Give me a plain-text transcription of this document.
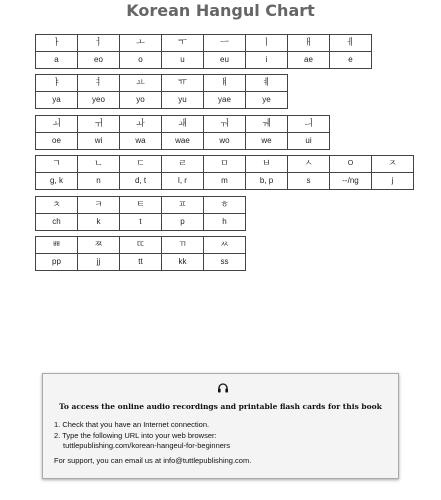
Korean Hangul Chart
ㅏ	ㅓ	ㅗ	ㅜ	ㅡ	ㅣ	ㅐ	ㅔ
a	eo	o	u	eu	i	ae	e
ㅑ	ㅕ	ㅛ	ㅠ	ㅒ	ㅖ
ya	yeo	yo	yu	yae	ye
ㅚ	ㅟ	ㅘ	ㅙ	ㅝ	ㅞ	ㅢ
oe	wi	wa	wae	wo	we	ui
ㄱ	ㄴ	ㄷ	ㄹ	ㅁ	ㅂ	ㅅ	ㅇ	ㅈ
g, k	n	d, t	l, r	m	b, p	s	--/ng	j
ㅊ	ㅋ	ㅌ	ㅍ	ㅎ
ch	k	t	p	h
ㅃ	ㅉ	ㄸ	ㄲ	ㅆ
pp	jj	tt	kk	ss
To access the online audio recordings and printable flash cards for this book
1. Check that you have an Internet connection.
2. Type the following URL into your web browser:
tuttlepublishing.com/korean-hangeul-for-beginners
For support, you can email us at info@tuttlepublishing.com.
